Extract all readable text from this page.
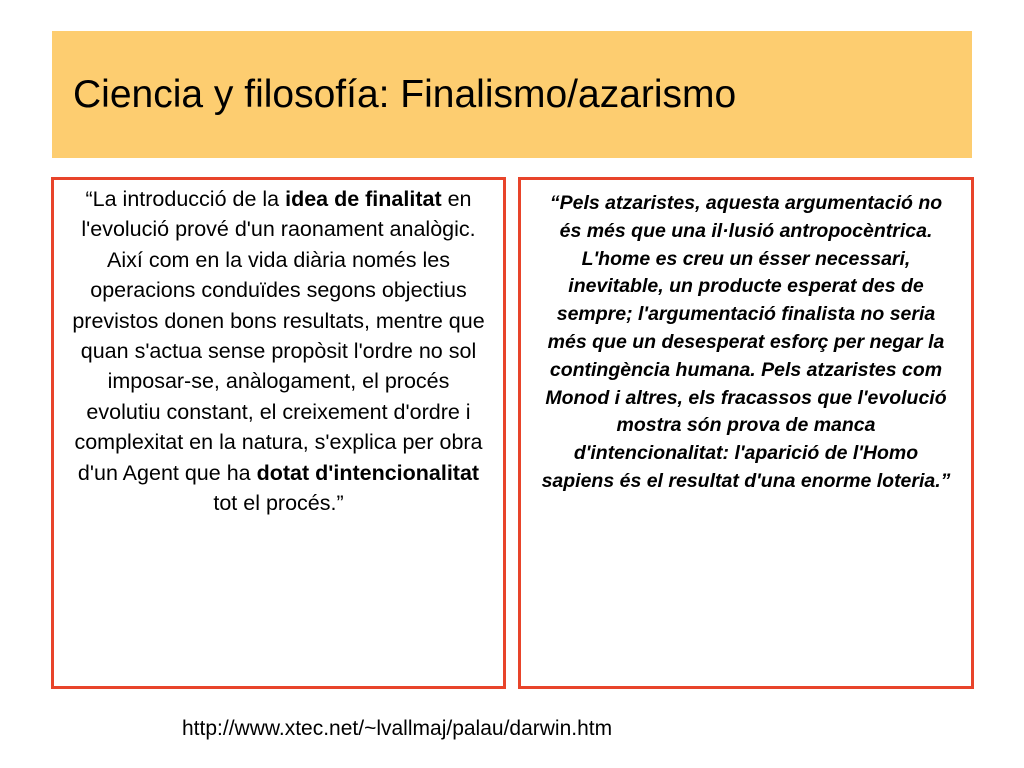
Ciencia y filosofía: Finalismo/azarismo

“La introducció de la idea de finalitat en l'evolució prové d'un raonament analògic. Així com en la vida diària només les operacions conduïdes segons objectius previstos donen bons resultats, mentre que quan s'actua sense propòsit l'ordre no sol imposar-se, anàlogament, el procés evolutiu constant, el creixement d'ordre i complexitat en la natura, s'explica per obra d'un Agent que ha dotat d'intencionalitat tot el procés.”

“Pels atzaristes, aquesta argumentació no és més que una il·lusió antropocèntrica. L'home es creu un ésser necessari, inevitable, un producte esperat des de sempre; l'argumentació finalista no seria més que un desesperat esforç per negar la contingència humana. Pels atzaristes com Monod i altres, els fracassos que l'evolució mostra són prova de manca d'intencionalitat: l'aparició de l'Homo sapiens és el resultat d'una enorme loteria.”

http://www.xtec.net/~lvallmaj/palau/darwin.htm
